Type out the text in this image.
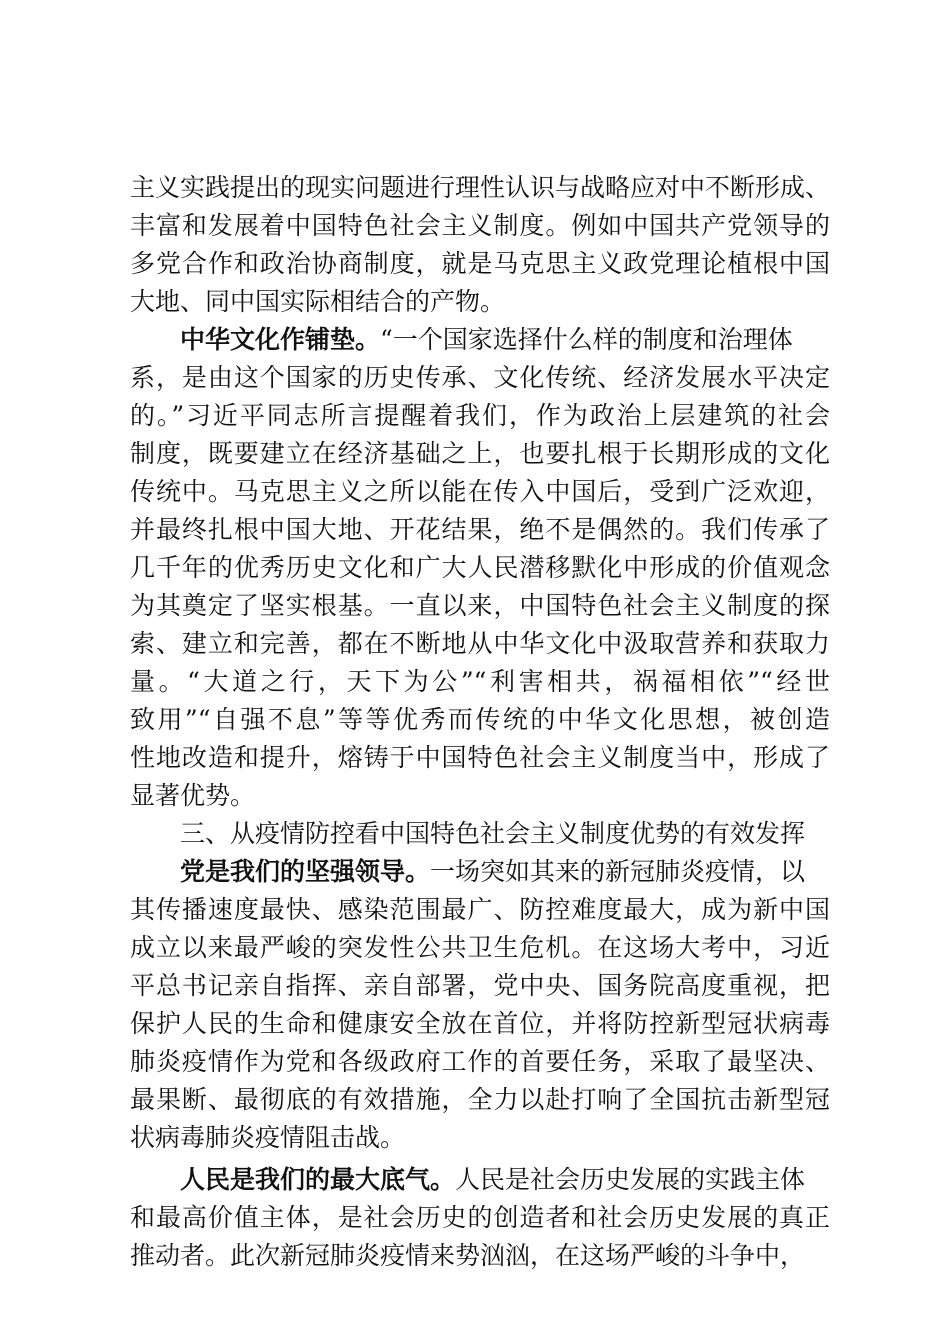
主义实践提出的现实问题进行理性认识与战略应对中不断形成、
丰富和发展着中国特色社会主义制度。例如中国共产党领导的
多党合作和政治协商制度，就是马克思主义政党理论植根中国
大地、同中国实际相结合的产物。
中华文化作铺垫。“一个国家选择什么样的制度和治理体
系，是由这个国家的历史传承、文化传统、经济发展水平决定
的。”习近平同志所言提醒着我们，作为政治上层建筑的社会
制度，既要建立在经济基础之上，也要扎根于长期形成的文化
传统中。马克思主义之所以能在传入中国后，受到广泛欢迎，
并最终扎根中国大地、开花结果，绝不是偶然的。我们传承了
几千年的优秀历史文化和广大人民潜移默化中形成的价值观念
为其奠定了坚实根基。一直以来，中国特色社会主义制度的探
索、建立和完善，都在不断地从中华文化中汲取营养和获取力
量。“大道之行，天下为公”“利害相共，祸福相依”“经世
致用”“自强不息”等等优秀而传统的中华文化思想，被创造
性地改造和提升，熔铸于中国特色社会主义制度当中，形成了
显著优势。
三、从疫情防控看中国特色社会主义制度优势的有效发挥
党是我们的坚强领导。一场突如其来的新冠肺炎疫情，以
其传播速度最快、感染范围最广、防控难度最大，成为新中国
成立以来最严峻的突发性公共卫生危机。在这场大考中，习近
平总书记亲自指挥、亲自部署，党中央、国务院高度重视，把
保护人民的生命和健康安全放在首位，并将防控新型冠状病毒
肺炎疫情作为党和各级政府工作的首要任务，采取了最坚决、
最果断、最彻底的有效措施，全力以赴打响了全国抗击新型冠
状病毒肺炎疫情阻击战。
人民是我们的最大底气。人民是社会历史发展的实践主体
和最高价值主体，是社会历史的创造者和社会历史发展的真正
推动者。此次新冠肺炎疫情来势汹汹，在这场严峻的斗争中，
